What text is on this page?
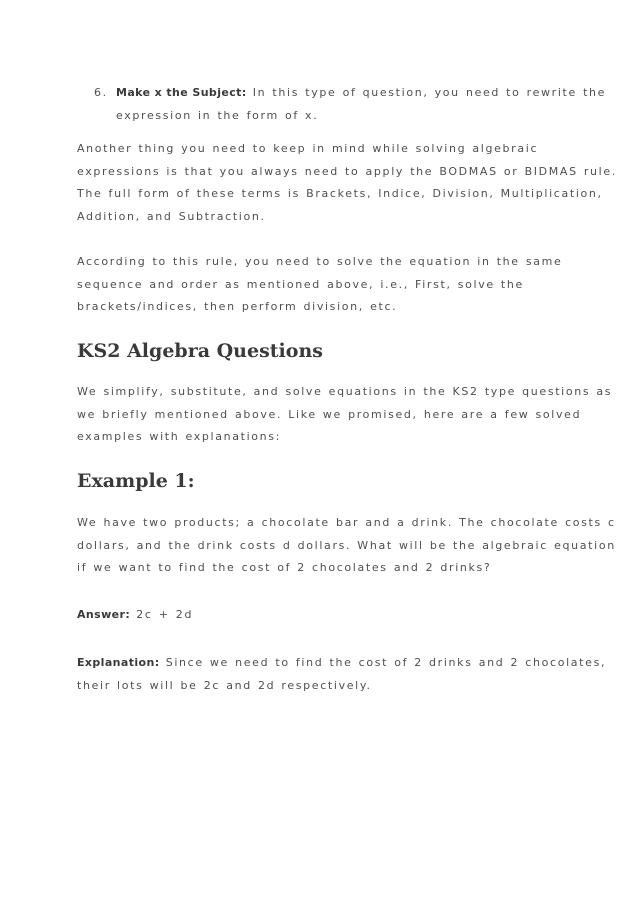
6. Make x the Subject: In this type of question, you need to rewrite the
expression in the form of x.

Another thing you need to keep in mind while solving algebraic
expressions is that you always need to apply the BODMAS or BIDMAS rule.
The full form of these terms is Brackets, Indice, Division, Multiplication,
Addition, and Subtraction.

According to this rule, you need to solve the equation in the same
sequence and order as mentioned above, i.e., First, solve the
brackets/indices, then perform division, etc.

KS2 Algebra Questions

We simplify, substitute, and solve equations in the KS2 type questions as
we briefly mentioned above. Like we promised, here are a few solved
examples with explanations:

Example 1:

We have two products; a chocolate bar and a drink. The chocolate costs c
dollars, and the drink costs d dollars. What will be the algebraic equation
if we want to find the cost of 2 chocolates and 2 drinks?

Answer: 2c + 2d

Explanation: Since we need to find the cost of 2 drinks and 2 chocolates,
their lots will be 2c and 2d respectively.
